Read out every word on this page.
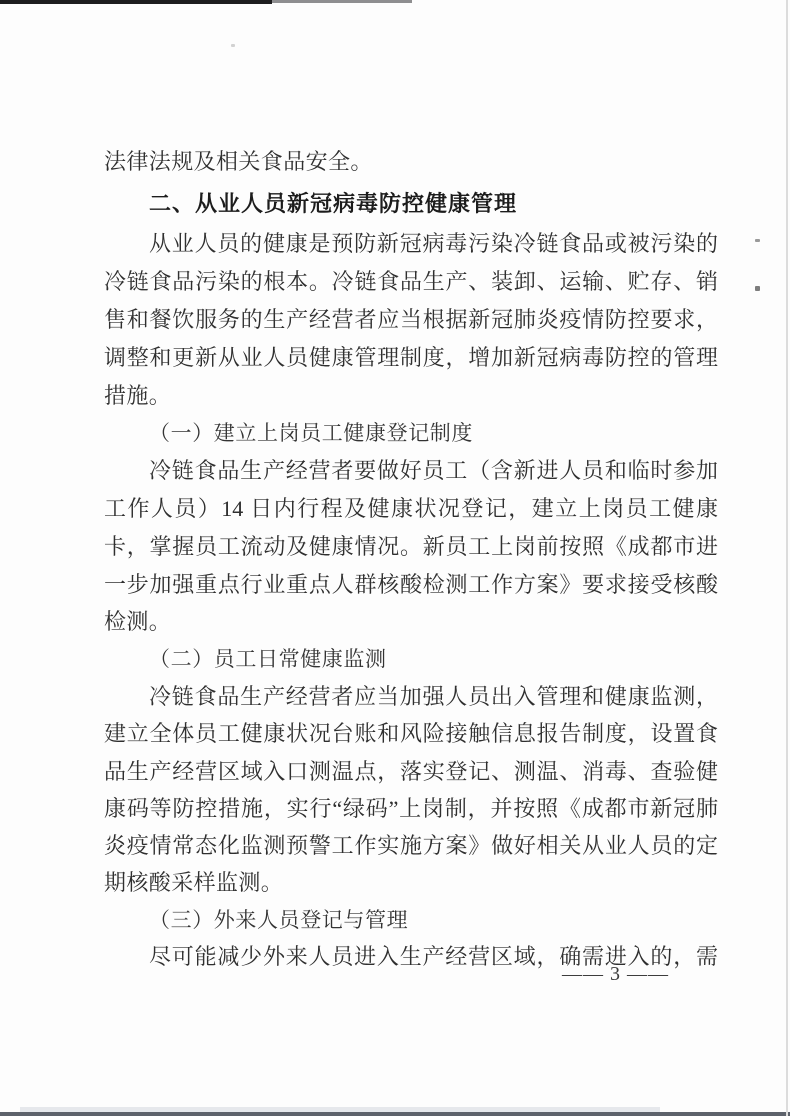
法律法规及相关食品安全。
二、从业人员新冠病毒防控健康管理
从业人员的健康是预防新冠病毒污染冷链食品或被污染的
冷链食品污染的根本。冷链食品生产、装卸、运输、贮存、销
售和餐饮服务的生产经营者应当根据新冠肺炎疫情防控要求，
调整和更新从业人员健康管理制度，增加新冠病毒防控的管理
措施。
（一）建立上岗员工健康登记制度
冷链食品生产经营者要做好员工（含新进人员和临时参加
工作人员）14 日内行程及健康状况登记，建立上岗员工健康
卡，掌握员工流动及健康情况。新员工上岗前按照《成都市进
一步加强重点行业重点人群核酸检测工作方案》要求接受核酸
检测。
（二）员工日常健康监测
冷链食品生产经营者应当加强人员出入管理和健康监测，
建立全体员工健康状况台账和风险接触信息报告制度，设置食
品生产经营区域入口测温点，落实登记、测温、消毒、查验健
康码等防控措施，实行“绿码”上岗制，并按照《成都市新冠肺
炎疫情常态化监测预警工作实施方案》做好相关从业人员的定
期核酸采样监测。
（三）外来人员登记与管理
尽可能减少外来人员进入生产经营区域，确需进入的，需
—— 3 ——
